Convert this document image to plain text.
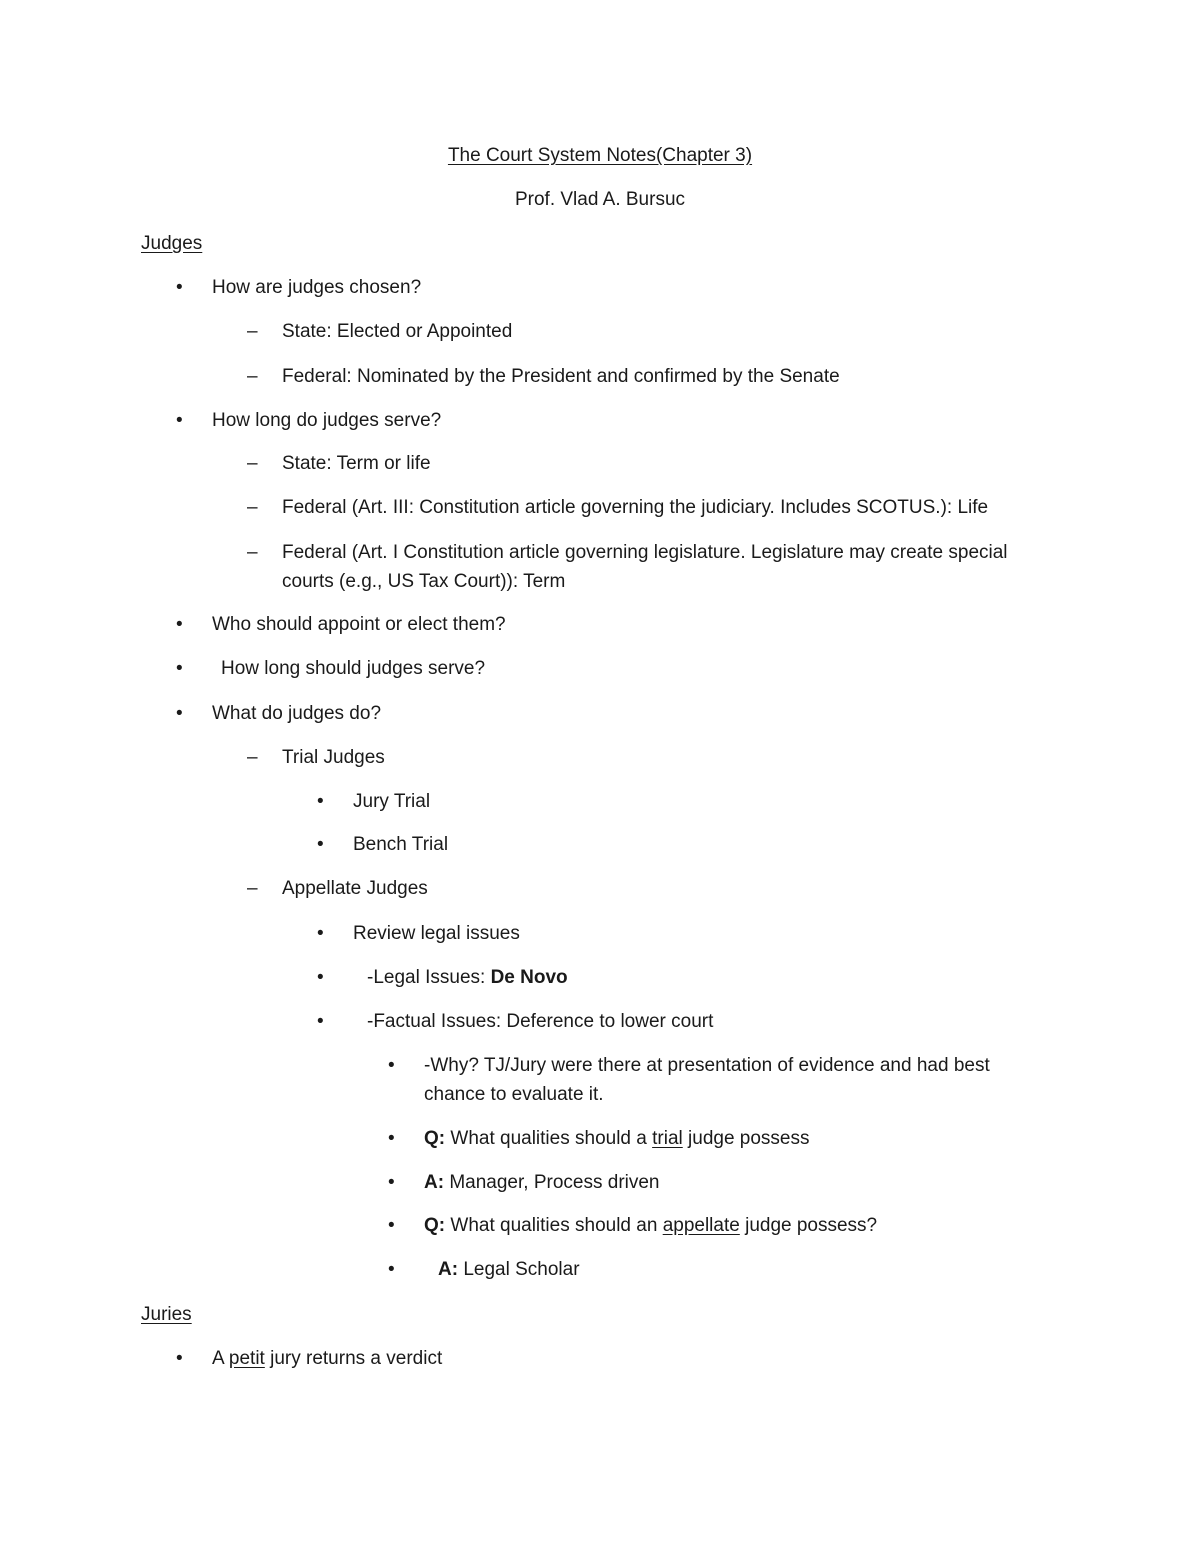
The Court System Notes(Chapter 3)
Prof. Vlad A. Bursuc
Judges
• How are judges chosen?
– State: Elected or Appointed
– Federal: Nominated by the President and confirmed by the Senate
• How long do judges serve?
– State: Term or life
– Federal (Art. III: Constitution article governing the judiciary. Includes SCOTUS.): Life
– Federal (Art. I Constitution article governing legislature. Legislature may create special
courts (e.g., US Tax Court)): Term
• Who should appoint or elect them?
• How long should judges serve?
• What do judges do?
– Trial Judges
• Jury Trial
• Bench Trial
– Appellate Judges
• Review legal issues
• -Legal Issues: De Novo
• -Factual Issues: Deference to lower court
• -Why? TJ/Jury were there at presentation of evidence and had best
chance to evaluate it.
• Q: What qualities should a trial judge possess
• A: Manager, Process driven
• Q: What qualities should an appellate judge possess?
• A: Legal Scholar
Juries
• A petit jury returns a verdict
